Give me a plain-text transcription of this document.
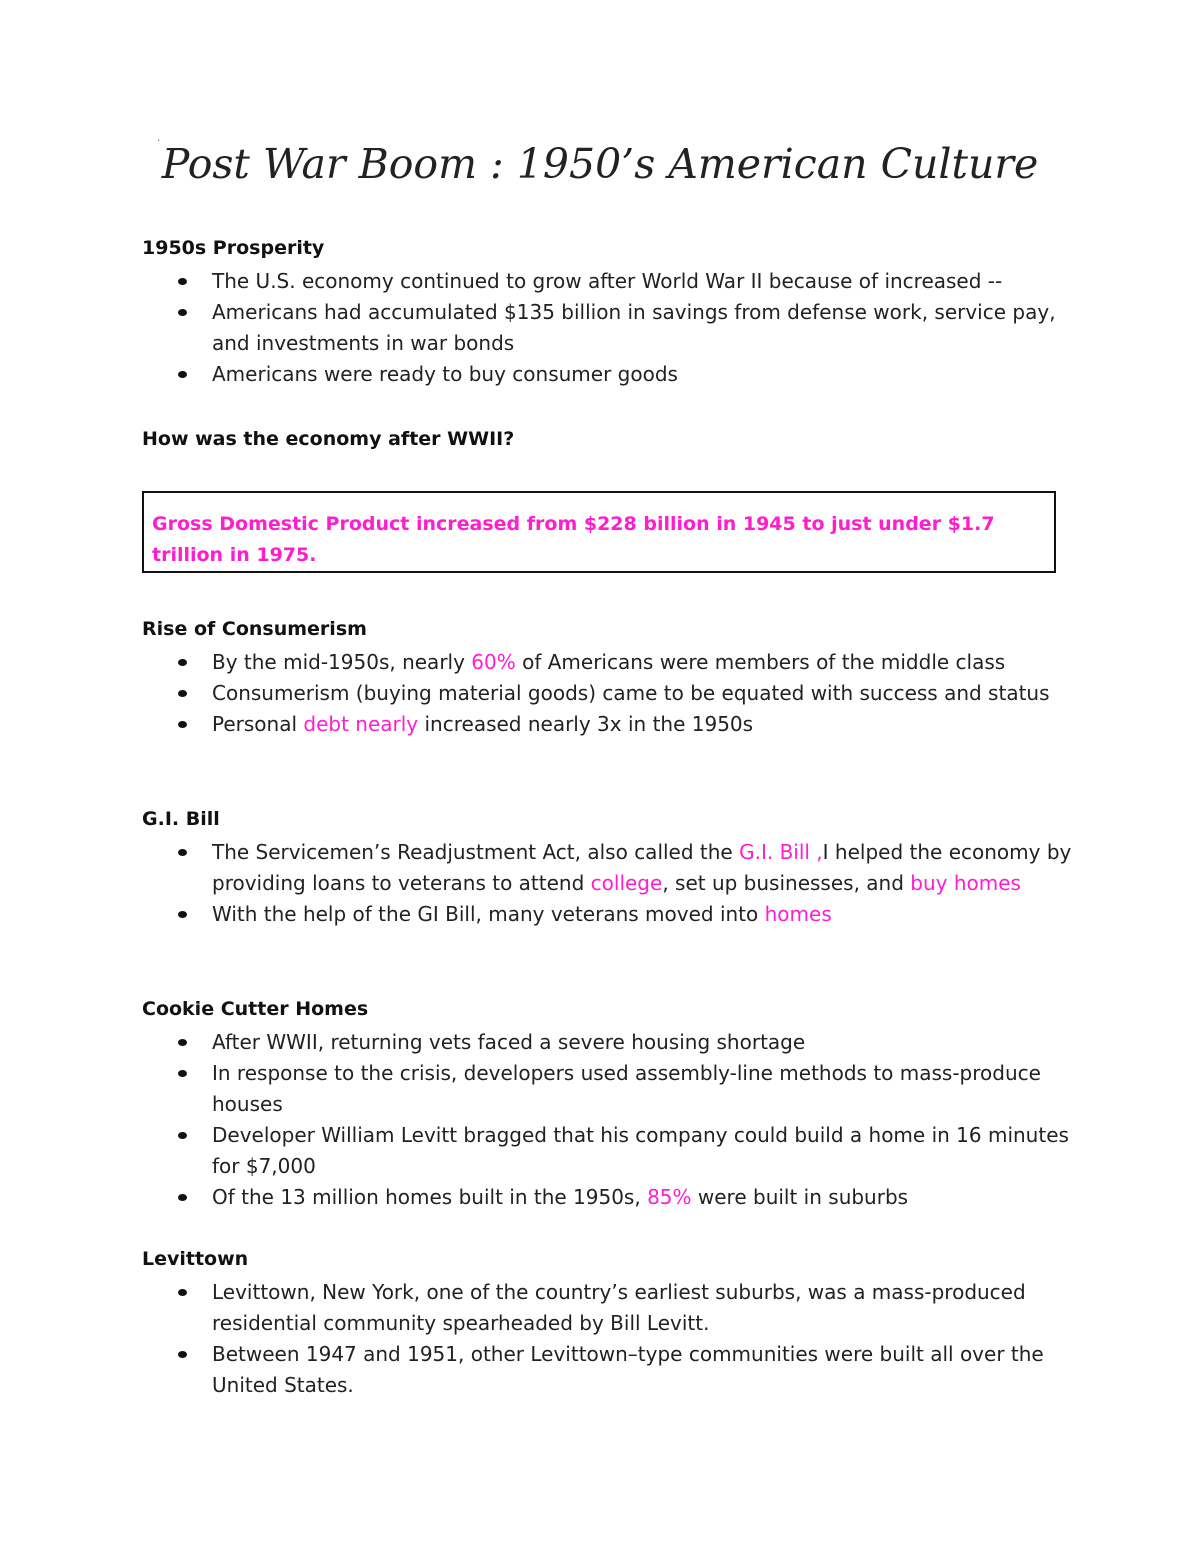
· Post War Boom : 1950’s American Culture
1950s Prosperity
The U.S. economy continued to grow after World War II because of increased --
Americans had accumulated $135 billion in savings from defense work, service pay, and investments in war bonds
Americans were ready to buy consumer goods
How was the economy after WWII?

Gross Domestic Product increased from $228 billion in 1945 to just under $1.7 trillion in 1975.

Rise of Consumerism
By the mid-1950s, nearly 60% of Americans were members of the middle class
Consumerism (buying material goods) came to be equated with success and status
Personal debt nearly increased nearly 3x in the 1950s
G.I. Bill
The Servicemen’s Readjustment Act, also called the G.I. Bill ,I helped the economy by providing loans to veterans to attend college, set up businesses, and buy homes
With the help of the GI Bill, many veterans moved into homes
Cookie Cutter Homes
After WWII, returning vets faced a severe housing shortage
In response to the crisis, developers used assembly-line methods to mass-produce houses
Developer William Levitt bragged that his company could build a home in 16 minutes for $7,000
Of the 13 million homes built in the 1950s, 85% were built in suburbs
Levittown
Levittown, New York, one of the country’s earliest suburbs, was a mass-produced residential community spearheaded by Bill Levitt.
Between 1947 and 1951, other Levittown–type communities were built all over the United States.
